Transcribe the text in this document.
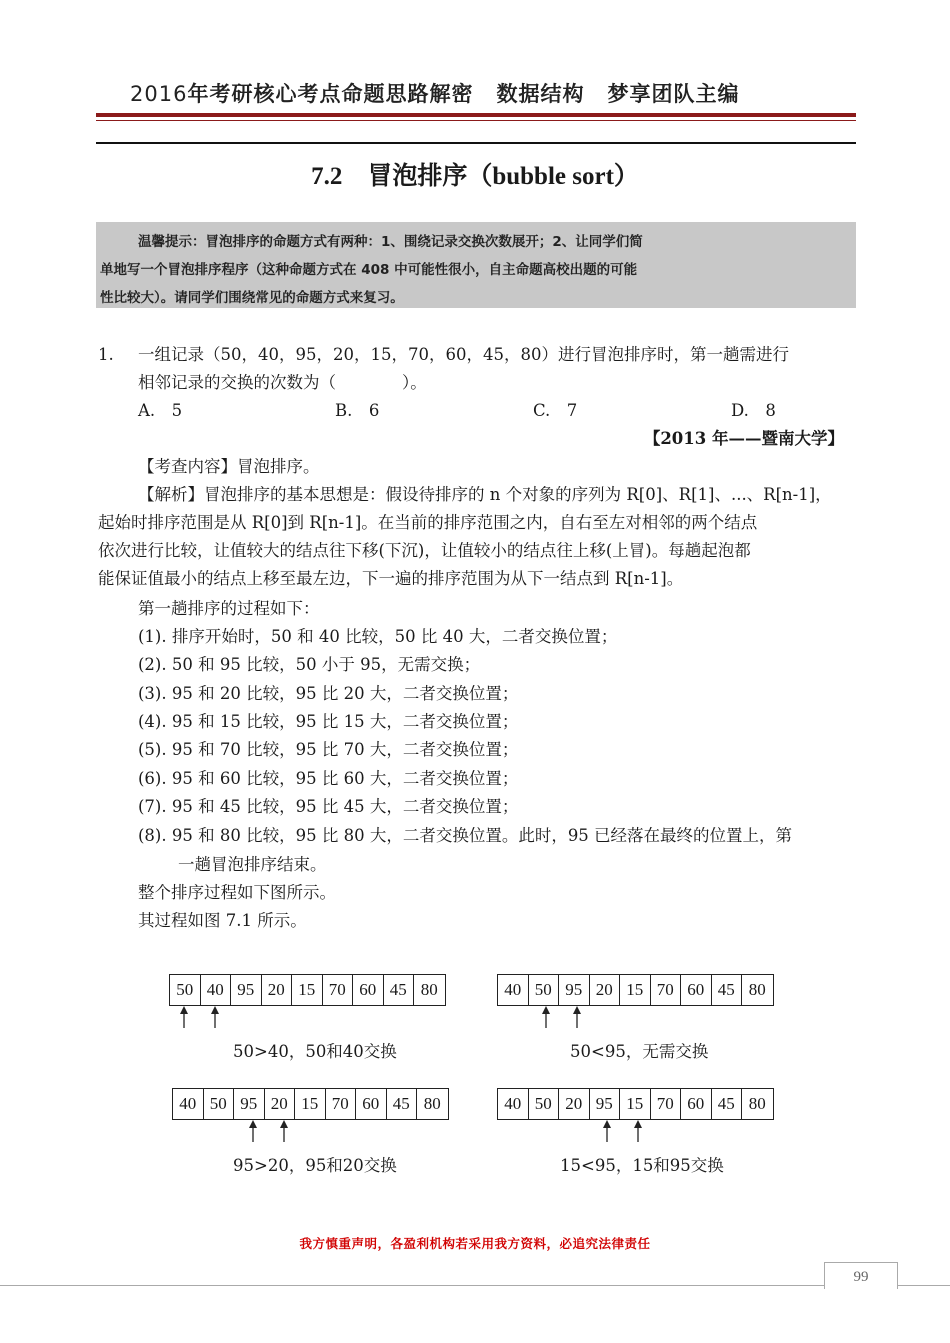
2016年考研核心考点命题思路解密 数据结构 梦享团队主编
7.2　冒泡排序（bubble sort）
温馨提示：冒泡排序的命题方式有两种：1、围绕记录交换次数展开；2、让同学们简
单地写一个冒泡排序程序（这种命题方式在 408 中可能性很小，自主命题高校出题的可能
性比较大）。请同学们围绕常见的命题方式来复习。
1. 一组记录（50，40，95，20，15，70，60，45，80）进行冒泡排序时，第一趟需进行
相邻记录的交换的次数为（　　　　）。
A.　5	B.　6	C.　7	D.　8
【2013 年——暨南大学】
【考查内容】冒泡排序。
【解析】冒泡排序的基本思想是：假设待排序的 n 个对象的序列为 R[0]、R[1]、...、R[n-1]，
起始时排序范围是从 R[0]到 R[n-1]。在当前的排序范围之内，自右至左对相邻的两个结点
依次进行比较，让值较大的结点往下移(下沉)，让值较小的结点往上移(上冒)。每趟起泡都
能保证值最小的结点上移至最左边，下一遍的排序范围为从下一结点到 R[n-1]。
第一趟排序的过程如下：
(1). 排序开始时，50 和 40 比较，50 比 40 大，二者交换位置；
(2). 50 和 95 比较，50 小于 95，无需交换；
(3). 95 和 20 比较，95 比 20 大，二者交换位置；
(4). 95 和 15 比较，95 比 15 大，二者交换位置；
(5). 95 和 70 比较，95 比 70 大，二者交换位置；
(6). 95 和 60 比较，95 比 60 大，二者交换位置；
(7). 95 和 45 比较，95 比 45 大，二者交换位置；
(8). 95 和 80 比较，95 比 80 大，二者交换位置。此时，95 已经落在最终的位置上，第
一趟冒泡排序结束。
整个排序过程如下图所示。
其过程如图 7.1 所示。
50 40 95 20 15 70 60 45 80
50>40，50和40交换
40 50 95 20 15 70 60 45 80
50<95，无需交换
40 50 95 20 15 70 60 45 80
95>20，95和20交换
40 50 20 95 15 70 60 45 80
15<95，15和95交换
我方慎重声明，各盈利机构若采用我方资料，必追究法律责任
99
